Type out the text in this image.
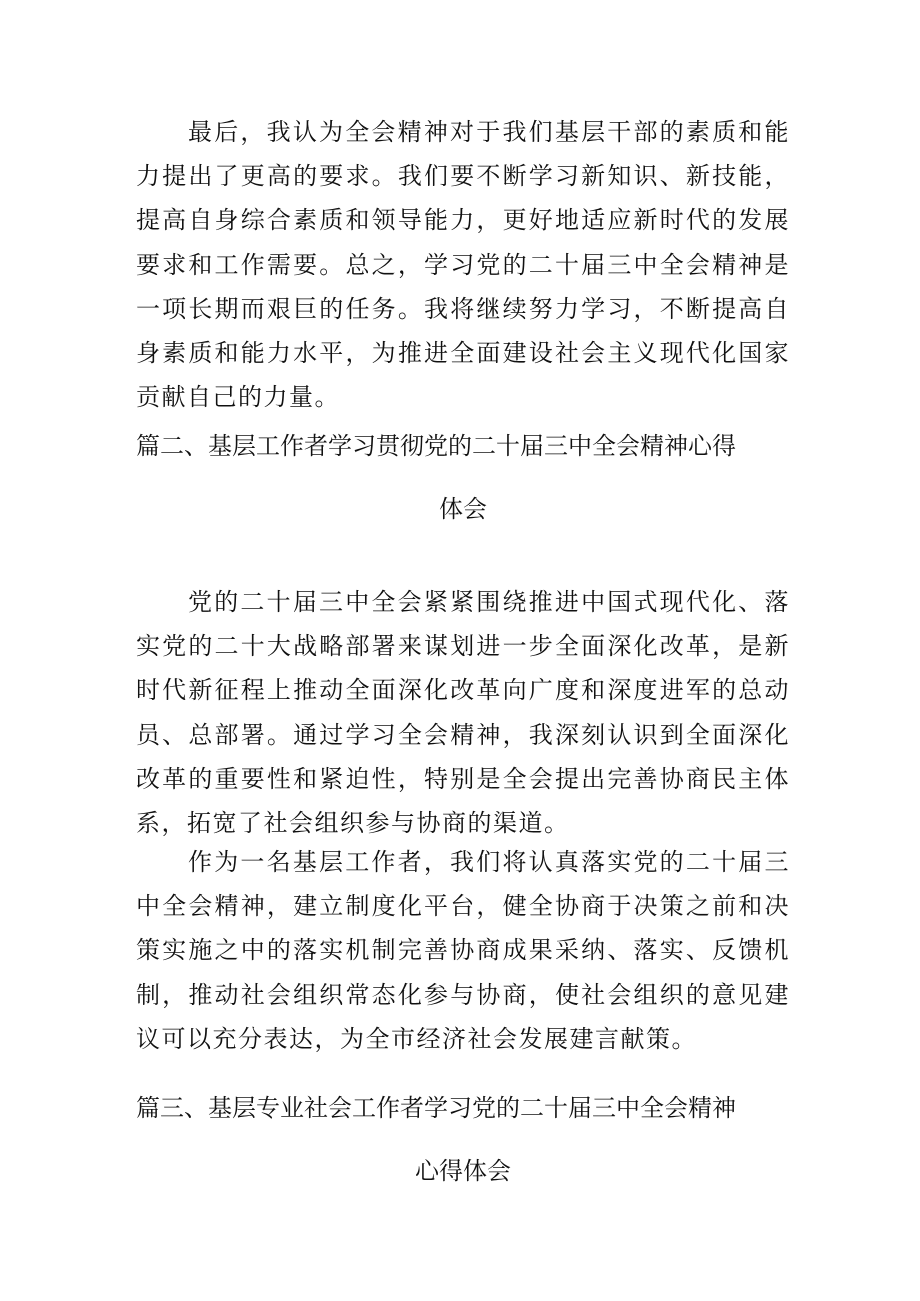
最后，我认为全会精神对于我们基层干部的素质和能力提出了更高的要求。我们要不断学习新知识、新技能，提高自身综合素质和领导能力，更好地适应新时代的发展要求和工作需要。总之，学习党的二十届三中全会精神是一项长期而艰巨的任务。我将继续努力学习，不断提高自身素质和能力水平，为推进全面建设社会主义现代化国家贡献自己的力量。

篇二、基层工作者学习贯彻党的二十届三中全会精神心得
体会

党的二十届三中全会紧紧围绕推进中国式现代化、落实党的二十大战略部署来谋划进一步全面深化改革，是新时代新征程上推动全面深化改革向广度和深度进军的总动员、总部署。通过学习全会精神，我深刻认识到全面深化改革的重要性和紧迫性，特别是全会提出完善协商民主体系，拓宽了社会组织参与协商的渠道。

作为一名基层工作者，我们将认真落实党的二十届三中全会精神，建立制度化平台，健全协商于决策之前和决策实施之中的落实机制完善协商成果采纳、落实、反馈机制，推动社会组织常态化参与协商，使社会组织的意见建议可以充分表达，为全市经济社会发展建言献策。

篇三、基层专业社会工作者学习党的二十届三中全会精神
心得体会
